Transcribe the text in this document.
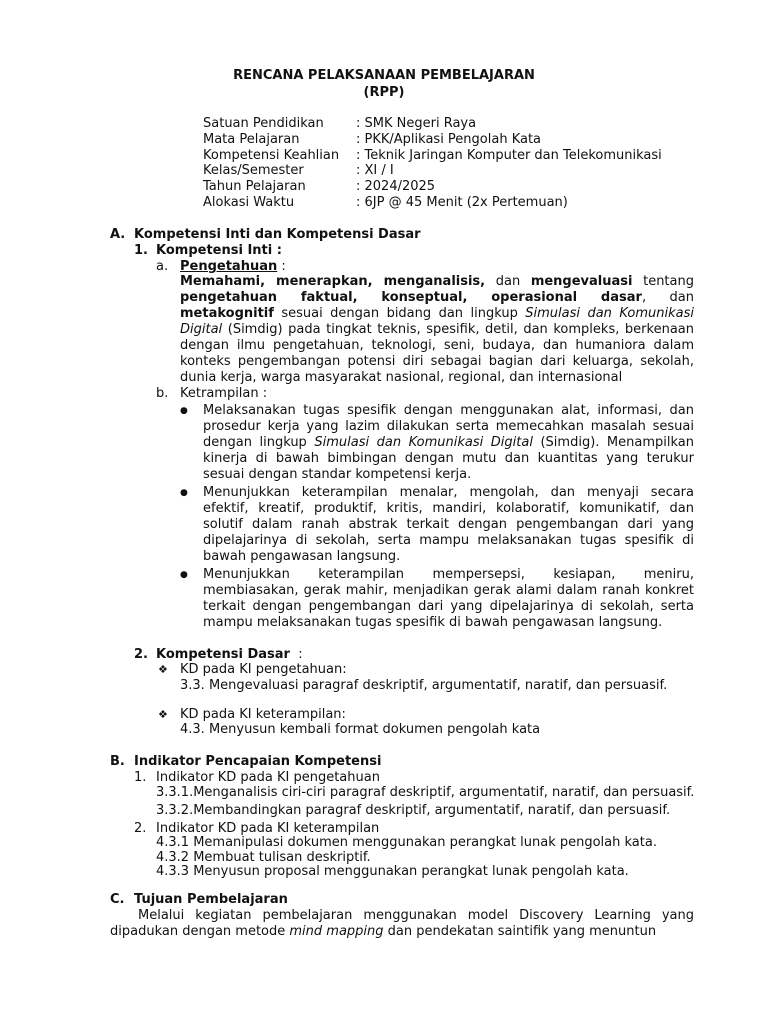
RENCANA PELAKSANAAN PEMBELAJARAN
(RPP)
Satuan Pendidikan : SMK Negeri Raya
Mata Pelajaran	: PKK/Aplikasi Pengolah Kata
Kompetensi Keahlian : Teknik Jaringan Komputer dan Telekomunikasi
Kelas/Semester	: XI / I
Tahun Pelajaran	: 2024/2025
Alokasi Waktu	: 6JP @ 45 Menit (2x Pertemuan)
A. Kompetensi Inti dan Kompetensi Dasar
1. Kompetensi Inti :
a. Pengetahuan :
Memahami, menerapkan, menganalisis, dan mengevaluasi tentang pengetahuan faktual, konseptual, operasional dasar, dan metakognitif sesuai dengan bidang dan lingkup Simulasi dan Komunikasi Digital (Simdig) pada tingkat teknis, spesifik, detil, dan kompleks, berkenaan dengan ilmu pengetahuan, teknologi, seni, budaya, dan humaniora dalam konteks pengembangan potensi diri sebagai bagian dari keluarga, sekolah, dunia kerja, warga masyarakat nasional, regional, dan internasional
b. Ketrampilan :
● Melaksanakan tugas spesifik dengan menggunakan alat, informasi, dan prosedur kerja yang lazim dilakukan serta memecahkan masalah sesuai dengan lingkup Simulasi dan Komunikasi Digital (Simdig). Menampilkan kinerja di bawah bimbingan dengan mutu dan kuantitas yang terukur sesuai dengan standar kompetensi kerja.
● Menunjukkan keterampilan menalar, mengolah, dan menyaji secara efektif, kreatif, produktif, kritis, mandiri, kolaboratif, komunikatif, dan solutif dalam ranah abstrak terkait dengan pengembangan dari yang dipelajarinya di sekolah, serta mampu melaksanakan tugas spesifik di bawah pengawasan langsung.
● Menunjukkan keterampilan mempersepsi, kesiapan, meniru, membiasakan, gerak mahir, menjadikan gerak alami dalam ranah konkret terkait dengan pengembangan dari yang dipelajarinya di sekolah, serta mampu melaksanakan tugas spesifik di bawah pengawasan langsung.
2. Kompetensi Dasar :
❖ KD pada KI pengetahuan:
3.3. Mengevaluasi paragraf deskriptif, argumentatif, naratif, dan persuasif.
❖ KD pada KI keterampilan:
4.3. Menyusun kembali format dokumen pengolah kata
B. Indikator Pencapaian Kompetensi
1. Indikator KD pada KI pengetahuan
3.3.1.Menganalisis ciri-ciri paragraf deskriptif, argumentatif, naratif, dan persuasif.
3.3.2.Membandingkan paragraf deskriptif, argumentatif, naratif, dan persuasif.
2. Indikator KD pada KI keterampilan
4.3.1 Memanipulasi dokumen menggunakan perangkat lunak pengolah kata.
4.3.2 Membuat tulisan deskriptif.
4.3.3 Menyusun proposal menggunakan perangkat lunak pengolah kata.
C. Tujuan Pembelajaran
Melalui kegiatan pembelajaran menggunakan model Discovery Learning yang dipadukan dengan metode mind mapping dan pendekatan saintifik yang menuntun
